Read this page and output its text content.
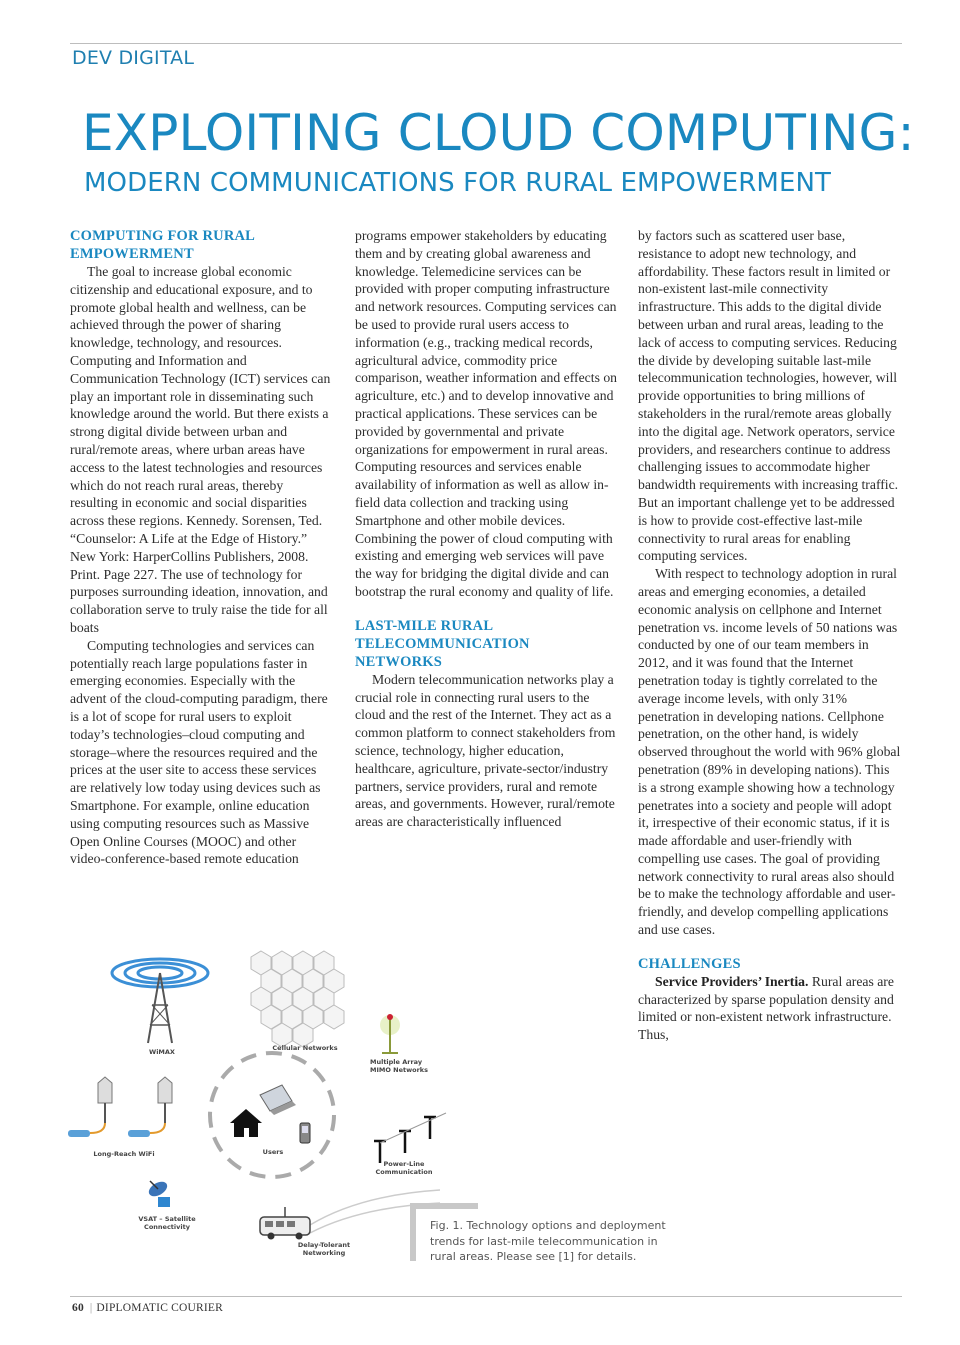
DEV DIGITAL
EXPLOITING CLOUD COMPUTING:
MODERN COMMUNICATIONS FOR RURAL EMPOWERMENT
COMPUTING FOR RURAL
EMPOWERMENT

The goal to increase global economic citizenship and educational exposure, and to promote global health and wellness, can be achieved through the power of sharing knowledge, technology, and resources. Computing and Information and Communication Technology (ICT) services can play an important role in disseminating such knowledge around the world. But there exists a strong digital divide between urban and rural/remote areas, where urban areas have access to the latest technologies and resources which do not reach rural areas, thereby resulting in economic and social disparities across these regions. Kennedy. Sorensen, Ted. “Counselor: A Life at the Edge of History.” New York: HarperCollins Publishers, 2008. Print. Page 227. The use of technology for purposes surrounding ideation, innovation, and collaboration serve to truly raise the tide for all boats

Computing technologies and services can potentially reach large populations faster in emerging economies. Especially with the advent of the cloud-computing paradigm, there is a lot of scope for rural users to exploit today’s technologies–cloud computing and storage–where the resources required and the prices at the user site to access these services are relatively low today using devices such as Smartphone. For example, online education using computing resources such as Massive Open Online Courses (MOOC) and other video-conference-based remote education

programs empower stakeholders by educating them and by creating global awareness and knowledge. Telemedicine services can be provided with proper computing infrastructure and network resources. Computing services can be used to provide rural users access to information (e.g., tracking medical records, agricultural advice, commodity price comparison, weather information and effects on agriculture, etc.) and to develop innovative and practical applications. These services can be provided by governmental and private organizations for empowerment in rural areas. Computing resources and services enable availability of information as well as allow in-field data collection and tracking using Smartphone and other mobile devices. Combining the power of cloud computing with existing and emerging web services will pave the way for bridging the digital divide and can bootstrap the rural economy and quality of life.

LAST-MILE RURAL
TELECOMMUNICATION
NETWORKS

Modern telecommunication networks play a crucial role in connecting rural users to the cloud and the rest of the Internet. They act as a common platform to connect stakeholders from science, technology, higher education, healthcare, agriculture, private-sector/industry partners, service providers, rural and remote areas, and governments. However, rural/remote areas are characteristically influenced

by factors such as scattered user base, resistance to adopt new technology, and affordability. These factors result in limited or non-existent last-mile connectivity infrastructure. This adds to the digital divide between urban and rural areas, leading to the lack of access to computing services. Reducing the divide by developing suitable last-mile telecommunication technologies, however, will provide opportunities to bring millions of stakeholders in the rural/remote areas globally into the digital age. Network operators, service providers, and researchers continue to address challenging issues to accommodate higher bandwidth requirements with increasing traffic. But an important challenge yet to be addressed is how to provide cost-effective last-mile connectivity to rural areas for enabling computing services.

With respect to technology adoption in rural areas and emerging economies, a detailed economic analysis on cellphone and Internet penetration vs. income levels of 50 nations was conducted by one of our team members in 2012, and it was found that the Internet penetration today is tightly correlated to the average income levels, with only 31% penetration in developing nations. Cellphone penetration, on the other hand, is widely observed throughout the world with 96% global penetration (89% in developing nations). This is a strong example showing how a technology penetrates into a society and people will adopt it, irrespective of their economic status, if it is made affordable and user-friendly with compelling use cases. The goal of providing network connectivity to rural areas also should be to make the technology affordable and user-friendly, and develop compelling applications and use cases.

CHALLENGES

Service Providers’ Inertia. Rural areas are characterized by sparse population density and limited or non-existent network infrastructure. Thus,

WiMAX	Cellular Networks
Multiple Array
MIMO Networks
Long-Reach WiFi	Users
Power-Line Communication
VSAT – Satellite
Connectivity
Delay-Tolerant Networking
Fig. 1. Technology options and deployment trends for last-mile telecommunication in rural areas. Please see [1] for details.
60 | DIPLOMATIC COURIER
